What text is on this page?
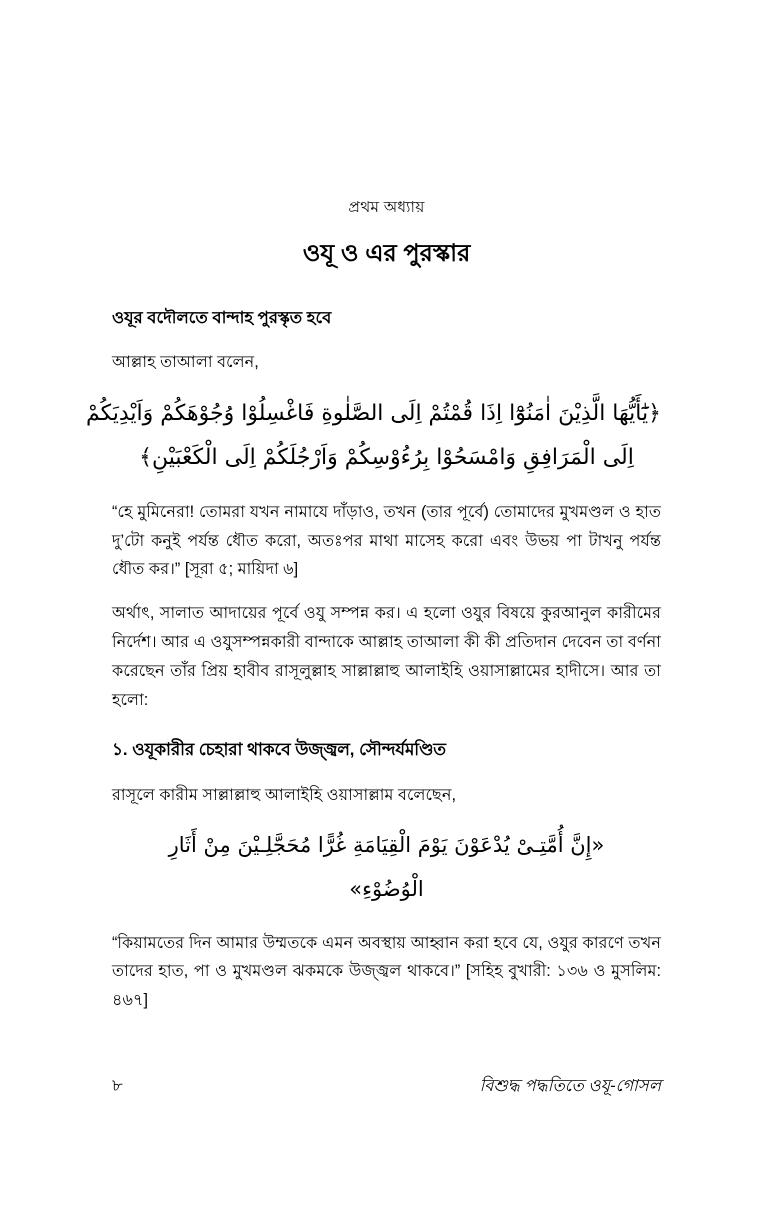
প্রথম অধ্যায়
ওযূ ও এর পুরস্কার
ওযূর বদৌলতে বান্দাহ পুরস্কৃত হবে

আল্লাহ তাআলা বলেন,

﴿يَٰٓأَيُّهَا الَّذِيْنَ اٰمَنُوْٓا اِذَا قُمْتُمْ اِلَى الصَّلٰوةِ فَاغْسِلُوْا وُجُوْهَكُمْ وَاَيْدِيَكُمْ
اِلَى الْمَرَافِقِ وَامْسَحُوْا بِرُءُوْسِكُمْ وَاَرْجُلَكُمْ اِلَى الْكَعْبَيْنِ﴾

“হে মুমিনেরা! তোমরা যখন নামাযে দাঁড়াও, তখন (তার পূর্বে) তোমাদের মুখমণ্ডল ও হাত দু’টো কনুই পর্যন্ত ধৌত করো, অতঃপর মাথা মাসেহ করো এবং উভয় পা টাখনু পর্যন্ত ধৌত কর।” [সূরা ৫; মায়িদা ৬]

অর্থাৎ, সালাত আদায়ের পূর্বে ওযু সম্পন্ন কর। এ হলো ওযুর বিষয়ে কুরআনুল কারীমের নির্দেশ। আর এ ওযুসম্পন্নকারী বান্দাকে আল্লাহ তাআলা কী কী প্রতিদান দেবেন তা বর্ণনা করেছেন তাঁর প্রিয় হাবীব রাসূলুল্লাহ সাল্লাল্লাহু আলাইহি ওয়াসাল্লামের হাদীসে। আর তা হলো:

১. ওযূকারীর চেহারা থাকবে উজ্জ্বল, সৌন্দর্যমণ্ডিত

রাসূলে কারীম সাল্লাল্লাহু আলাইহি ওয়াসাল্লাম বলেছেন,

«إِنَّ أُمَّتِـىْ يُدْعَوْنَ يَوْمَ الْقِيَامَةِ غُرًّا مُحَجَّلِـيْنَ مِنْ أَثَارِ
الْوُضُوْءِ»

“কিয়ামতের দিন আমার উম্মতকে এমন অবস্থায় আহ্বান করা হবে যে, ওযুর কারণে তখন তাদের হাত, পা ও মুখমণ্ডল ঝকমকে উজ্জ্বল থাকবে।” [সহিহ বুখারী: ১৩৬ ও মুসলিম: ৪৬৭]

৮	বিশুদ্ধ পদ্ধতিতে ওযূ-গোসল
